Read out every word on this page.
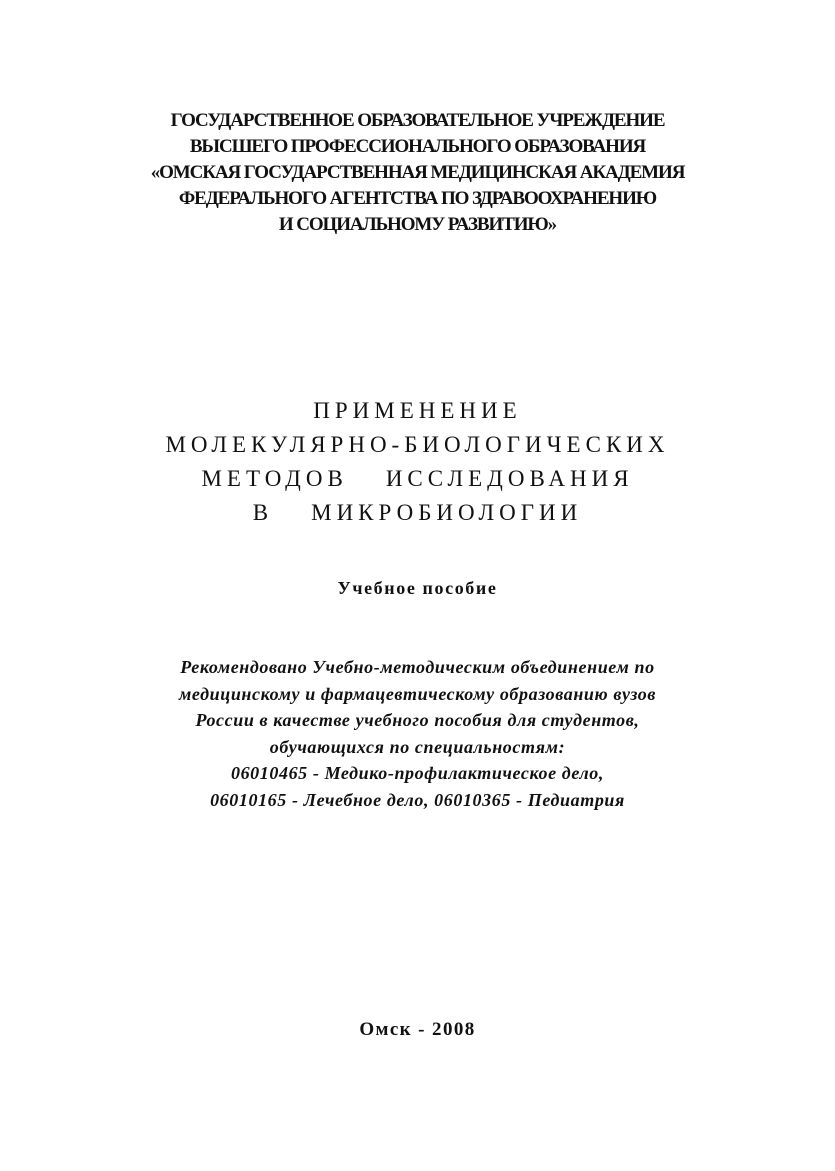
ГОСУДАРСТВЕННОЕ ОБРАЗОВАТЕЛЬНОЕ УЧРЕЖДЕНИЕ
ВЫСШЕГО ПРОФЕССИОНАЛЬНОГО ОБРАЗОВАНИЯ
«ОМСКАЯ ГОСУДАРСТВЕННАЯ МЕДИЦИНСКАЯ АКАДЕМИЯ
ФЕДЕРАЛЬНОГО АГЕНТСТВА ПО ЗДРАВООХРАНЕНИЮ
И СОЦИАЛЬНОМУ РАЗВИТИЮ»
ПРИМЕНЕНИЕ
МОЛЕКУЛЯРНО-БИОЛОГИЧЕСКИХ
МЕТОДОВ ИССЛЕДОВАНИЯ
В МИКРОБИОЛОГИИ
Учебное пособие
Рекомендовано Учебно-методическим объединением по
медицинскому и фармацевтическому образованию вузов
России в качестве учебного пособия для студентов,
обучающихся по специальностям:
06010465 - Медико-профилактическое дело,
06010165 - Лечебное дело, 06010365 - Педиатрия
Омск - 2008
